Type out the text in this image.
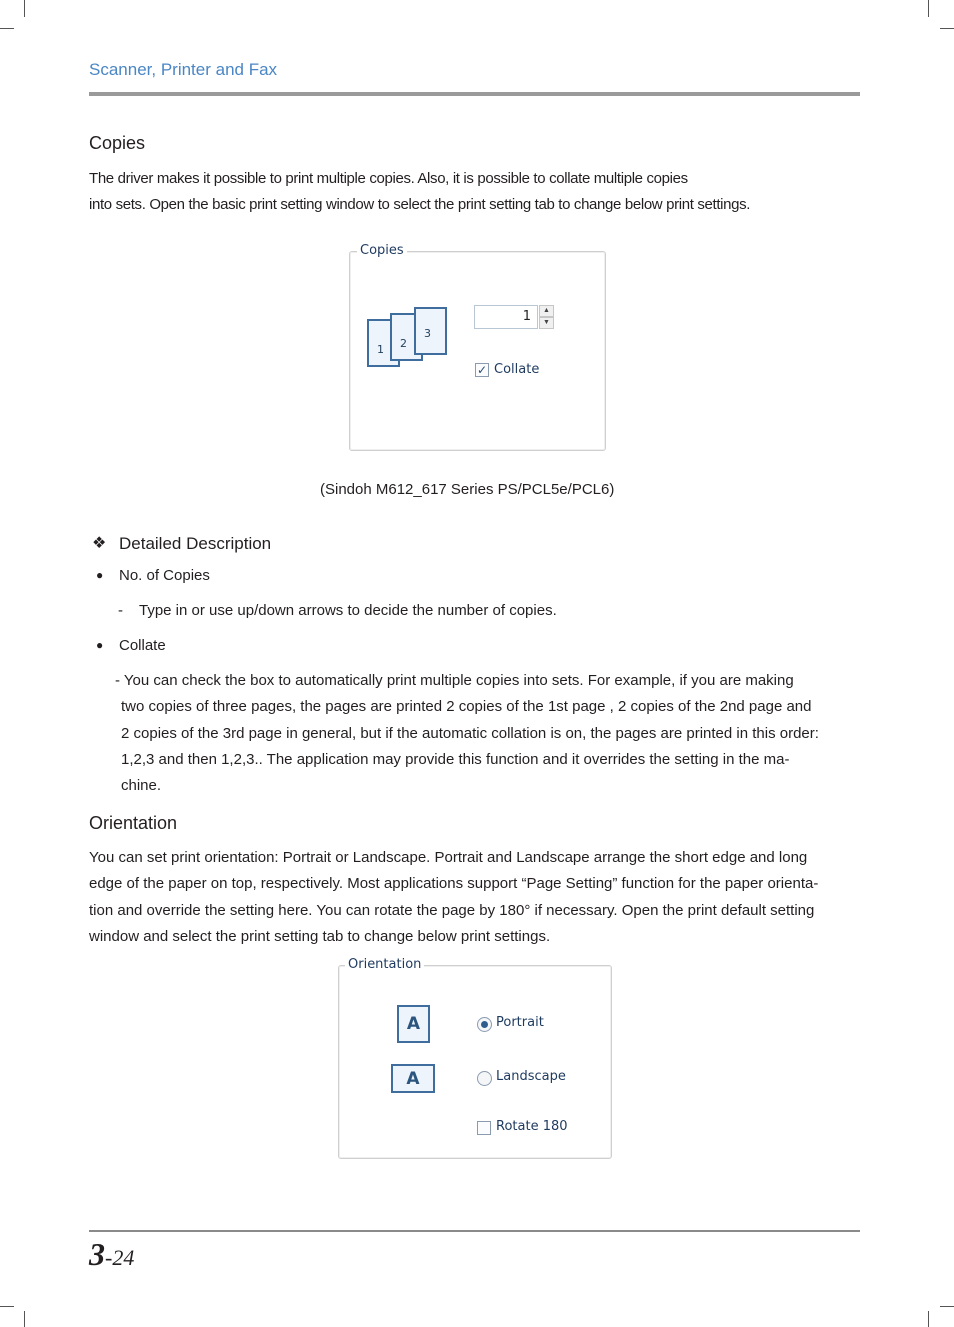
Scanner, Printer and Fax
Copies
The driver makes it possible to print multiple copies. Also, it is possible to collate multiple copies
into sets. Open the basic print setting window to select the print setting tab to change below print settings.
Copies
1 2
3
1	▲
▼
✓ Collate
(Sindoh M612_617 Series PS/PCL5e/PCL6)
❖ Detailed Description
● No. of Copies
- Type in or use up/down arrows to decide the number of copies.
● Collate
- You can check the box to automatically print multiple copies into sets. For example, if you are making
two copies of three pages, the pages are printed 2 copies of the 1st page , 2 copies of the 2nd page and
2 copies of the 3rd page in general, but if the automatic collation is on, the pages are printed in this order:
1,2,3 and then 1,2,3.. The application may provide this function and it overrides the setting in the ma-
chine.
Orientation
You can set print orientation: Portrait or Landscape. Portrait and Landscape arrange the short edge and long
edge of the paper on top, respectively. Most applications support “Page Setting” function for the paper orienta-
tion and override the setting here. You can rotate the page by 180° if necessary. Open the print default setting
window and select the print setting tab to change below print settings.
Orientation
A	Portrait
A	Landscape
Rotate 180
3-24
